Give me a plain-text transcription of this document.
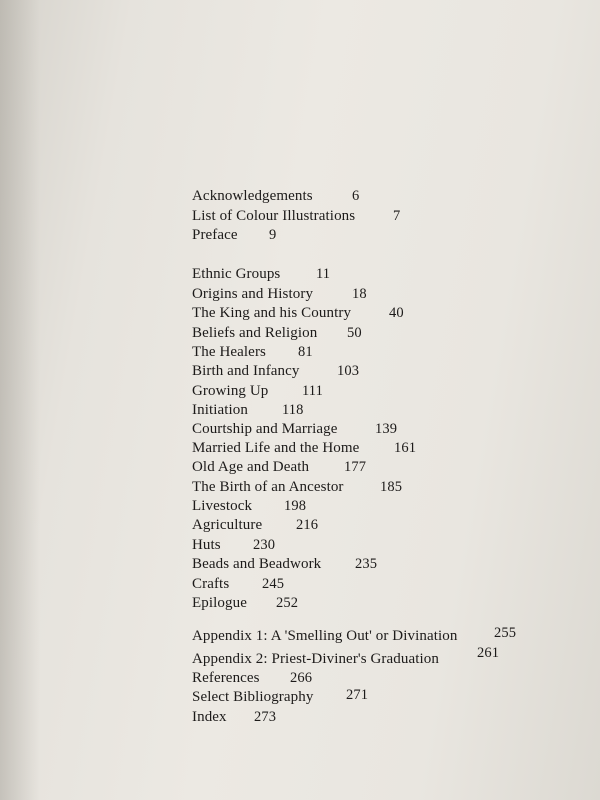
Acknowledgements	6
List of Colour Illustrations	7
Preface 9
Ethnic Groups 11
Origins and History	18
The King and his Country	40
Beliefs and Religion 50
The Healers 81
Birth and Infancy	103
Growing Up 111
Initiation 118
Courtship and Marriage	139
Married Life and the Home 161
Old Age and Death 177
The Birth of an Ancestor	185
Livestock 198
Agriculture 216
Huts 230
Beads and Beadwork 235
Crafts 245
Epilogue 252
Appendix 1: A 'Smelling Out' or Divination	255
Appendix 2: Priest-Diviner's Graduation	261
References 266
Select Bibliography 271
Index 273
